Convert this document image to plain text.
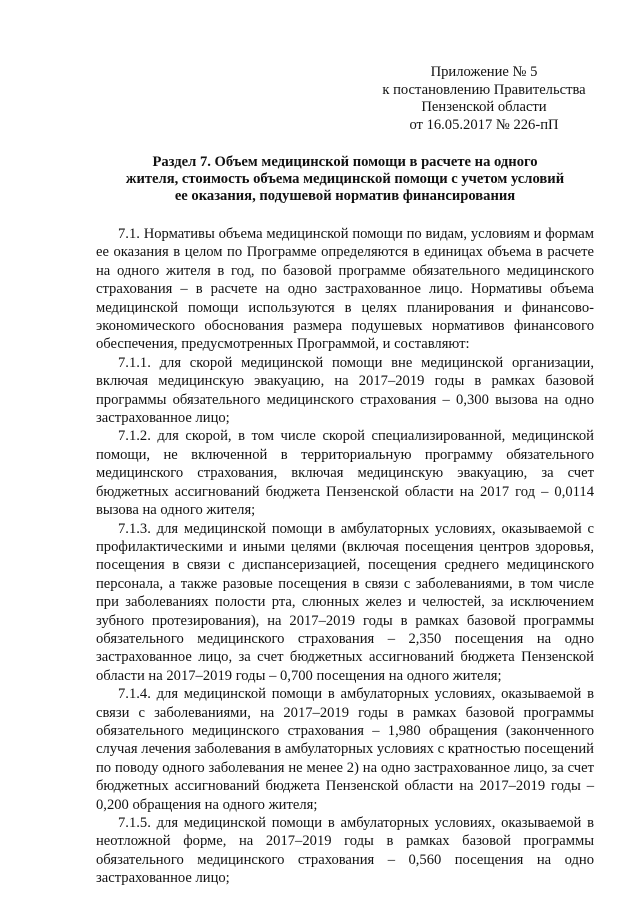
Приложение № 5
к постановлению Правительства
Пензенской области
от 16.05.2017 № 226-пП
Раздел 7. Объем медицинской помощи в расчете на одного
жителя, стоимость объема медицинской помощи с учетом условий
ее оказания, подушевой норматив финансирования

7.1. Нормативы объема медицинской помощи по видам, условиям и формам ее оказания в целом по Программе определяются в единицах объема в расчете на одного жителя в год, по базовой программе обязательного медицинского страхования – в расчете на одно застрахованное лицо. Нормативы объема медицинской помощи используются в целях планирования и финансово-экономического обоснования размера подушевых нормативов финансового обеспечения, предусмотренных Программой, и составляют:

7.1.1. для скорой медицинской помощи вне медицинской организации, включая медицинскую эвакуацию, на 2017–2019 годы в рамках базовой программы обязательного медицинского страхования – 0,300 вызова на одно застрахованное лицо;

7.1.2. для скорой, в том числе скорой специализированной, медицинской помощи, не включенной в территориальную программу обязательного медицинского страхования, включая медицинскую эвакуацию, за счет бюджетных ассигнований бюджета Пензенской области на 2017 год – 0,0114 вызова на одного жителя;

7.1.3. для медицинской помощи в амбулаторных условиях, оказываемой с профилактическими и иными целями (включая посещения центров здоровья, посещения в связи с диспансеризацией, посещения среднего медицинского персонала, а также разовые посещения в связи с заболеваниями, в том числе при заболеваниях полости рта, слюнных желез и челюстей, за исключением зубного протезирования), на 2017–2019 годы в рамках базовой программы обязательного медицинского страхования – 2,350 посещения на одно застрахованное лицо, за счет бюджетных ассигнований бюджета Пензенской области на 2017–2019 годы – 0,700 посещения на одного жителя;

7.1.4. для медицинской помощи в амбулаторных условиях, оказываемой в связи с заболеваниями, на 2017–2019 годы в рамках базовой программы обязательного медицинского страхования – 1,980 обращения (законченного случая лечения заболевания в амбулаторных условиях с кратностью посещений по поводу одного заболевания не менее 2) на одно застрахованное лицо, за счет бюджетных ассигнований бюджета Пензенской области на 2017–2019 годы – 0,200 обращения на одного жителя;

7.1.5. для медицинской помощи в амбулаторных условиях, оказываемой в неотложной форме, на 2017–2019 годы в рамках базовой программы обязательного медицинского страхования – 0,560 посещения на одно застрахованное лицо;
